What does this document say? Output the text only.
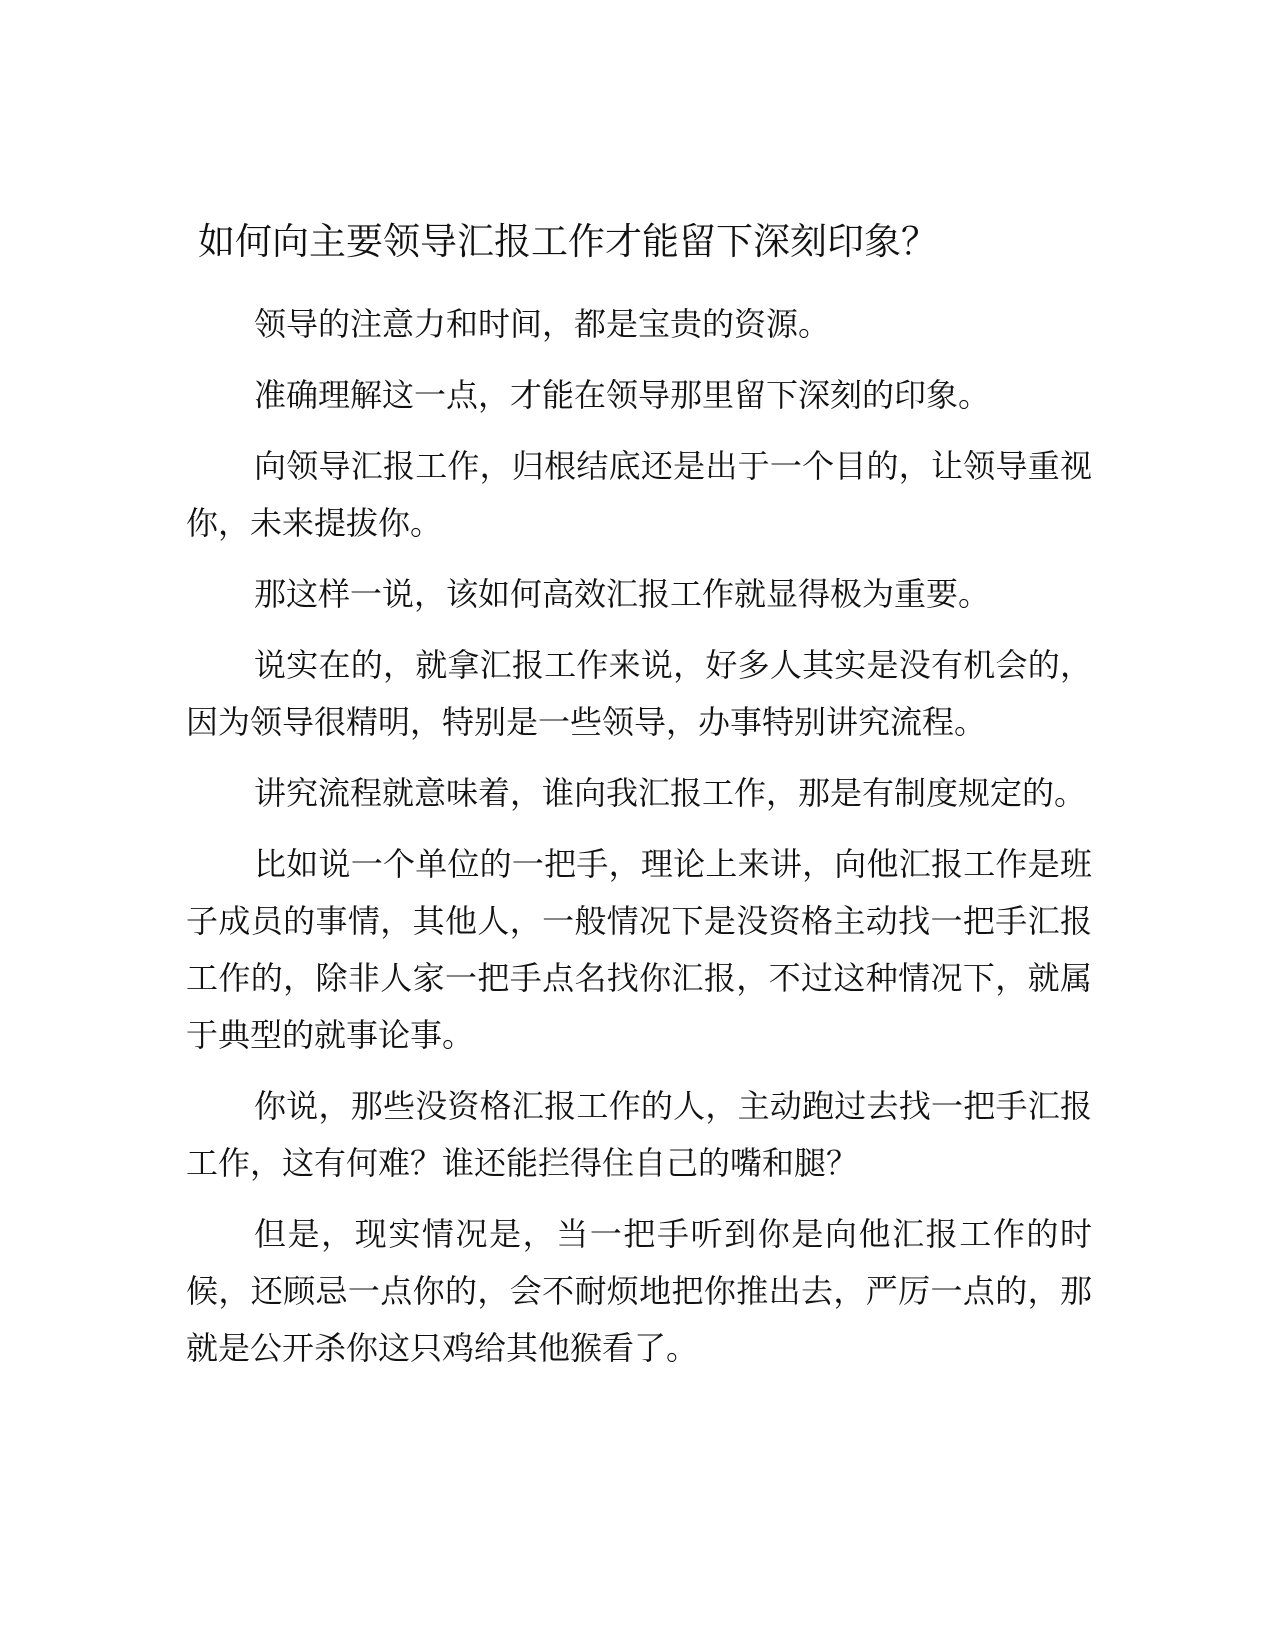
如何向主要领导汇报工作才能留下深刻印象？

领导的注意力和时间，都是宝贵的资源。

准确理解这一点，才能在领导那里留下深刻的印象。

向领导汇报工作，归根结底还是出于一个目的，让领导重视你，未来提拔你。

那这样一说，该如何高效汇报工作就显得极为重要。

说实在的，就拿汇报工作来说，好多人其实是没有机会的，因为领导很精明，特别是一些领导，办事特别讲究流程。

讲究流程就意味着，谁向我汇报工作，那是有制度规定的。

比如说一个单位的一把手，理论上来讲，向他汇报工作是班子成员的事情，其他人，一般情况下是没资格主动找一把手汇报工作的，除非人家一把手点名找你汇报，不过这种情况下，就属于典型的就事论事。

你说，那些没资格汇报工作的人，主动跑过去找一把手汇报工作，这有何难？谁还能拦得住自己的嘴和腿？

但是，现实情况是，当一把手听到你是向他汇报工作的时候，还顾忌一点你的，会不耐烦地把你推出去，严厉一点的，那就是公开杀你这只鸡给其他猴看了。
